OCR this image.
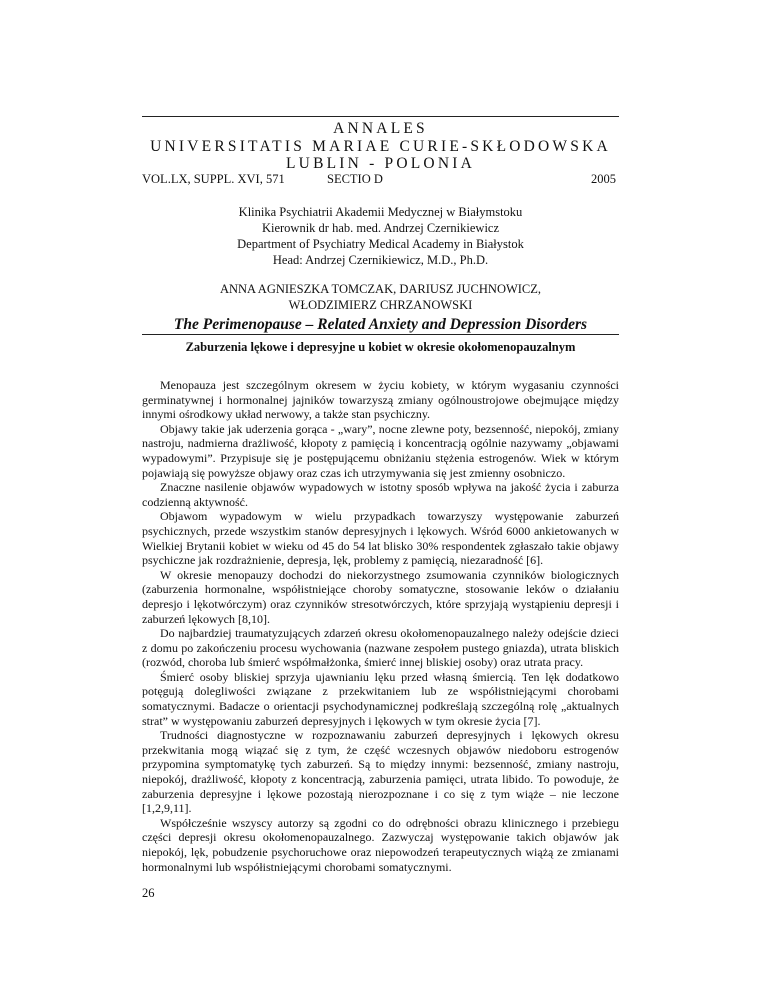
ANNALES
UNIVERSITATIS MARIAE CURIE-SKŁODOWSKA
LUBLIN - POLONIA
VOL.LX, SUPPL. XVI, 571	SECTIO D	2005
Klinika Psychiatrii Akademii Medycznej w Białymstoku
Kierownik dr hab. med. Andrzej Czernikiewicz
Department of Psychiatry Medical Academy in Białystok
Head: Andrzej Czernikiewicz, M.D., Ph.D.
ANNA AGNIESZKA TOMCZAK, DARIUSZ JUCHNOWICZ,
WŁODZIMIERZ CHRZANOWSKI
The Perimenopause – Related Anxiety and Depression Disorders
Zaburzenia lękowe i depresyjne u kobiet w okresie okołomenopauzalnym

Menopauza jest szczególnym okresem w życiu kobiety, w którym wygasaniu czynności germinatywnej i hormonalnej jajników towarzyszą zmiany ogólnoustrojowe obejmujące między innymi ośrodkowy układ nerwowy, a także stan psychiczny.

Objawy takie jak uderzenia gorąca - „wary”, nocne zlewne poty, bezsenność, niepokój, zmiany nastroju, nadmierna drażliwość, kłopoty z pamięcią i koncentracją ogólnie nazywamy „objawami wypadowymi”. Przypisuje się je postępującemu obniżaniu stężenia estrogenów. Wiek w którym pojawiają się powyższe objawy oraz czas ich utrzymywania się jest zmienny osobniczo.

Znaczne nasilenie objawów wypadowych w istotny sposób wpływa na jakość życia i zaburza codzienną aktywność.

Objawom wypadowym w wielu przypadkach towarzyszy występowanie zaburzeń psychicznych, przede wszystkim stanów depresyjnych i lękowych. Wśród 6000 ankietowanych w Wielkiej Brytanii kobiet w wieku od 45 do 54 lat blisko 30% respondentek zgłaszało takie objawy psychiczne jak rozdrażnienie, depresja, lęk, problemy z pamięcią, niezaradność [6].

W okresie menopauzy dochodzi do niekorzystnego zsumowania czynników biologicznych (zaburzenia hormonalne, współistniejące choroby somatyczne, stosowanie leków o działaniu depresjo i lękotwórczym) oraz czynników stresotwórczych, które sprzyjają wystąpieniu depresji i zaburzeń lękowych [8,10].

Do najbardziej traumatyzujących zdarzeń okresu okołomenopauzalnego należy odejście dzieci z domu po zakończeniu procesu wychowania (nazwane zespołem pustego gniazda), utrata bliskich (rozwód, choroba lub śmierć współmałżonka, śmierć innej bliskiej osoby) oraz utrata pracy.

Śmierć osoby bliskiej sprzyja ujawnianiu lęku przed własną śmiercią. Ten lęk dodatkowo potęgują dolegliwości związane z przekwitaniem lub ze współistniejącymi chorobami somatycznymi. Badacze o orientacji psychodynamicznej podkreślają szczególną rolę „aktualnych strat” w występowaniu zaburzeń depresyjnych i lękowych w tym okresie życia [7].

Trudności diagnostyczne w rozpoznawaniu zaburzeń depresyjnych i lękowych okresu przekwitania mogą wiązać się z tym, że część wczesnych objawów niedoboru estrogenów przypomina symptomatykę tych zaburzeń. Są to między innymi: bezsenność, zmiany nastroju, niepokój, drażliwość, kłopoty z koncentracją, zaburzenia pamięci, utrata libido. To powoduje, że zaburzenia depresyjne i lękowe pozostają nierozpoznane i co się z tym wiąże – nie leczone [1,2,9,11].

Współcześnie wszyscy autorzy są zgodni co do odrębności obrazu klinicznego i przebiegu części depresji okresu okołomenopauzalnego. Zazwyczaj występowanie takich objawów jak niepokój, lęk, pobudzenie psychoruchowe oraz niepowodzeń terapeutycznych wiążą ze zmianami hormonalnymi lub współistniejącymi chorobami somatycznymi.

26
